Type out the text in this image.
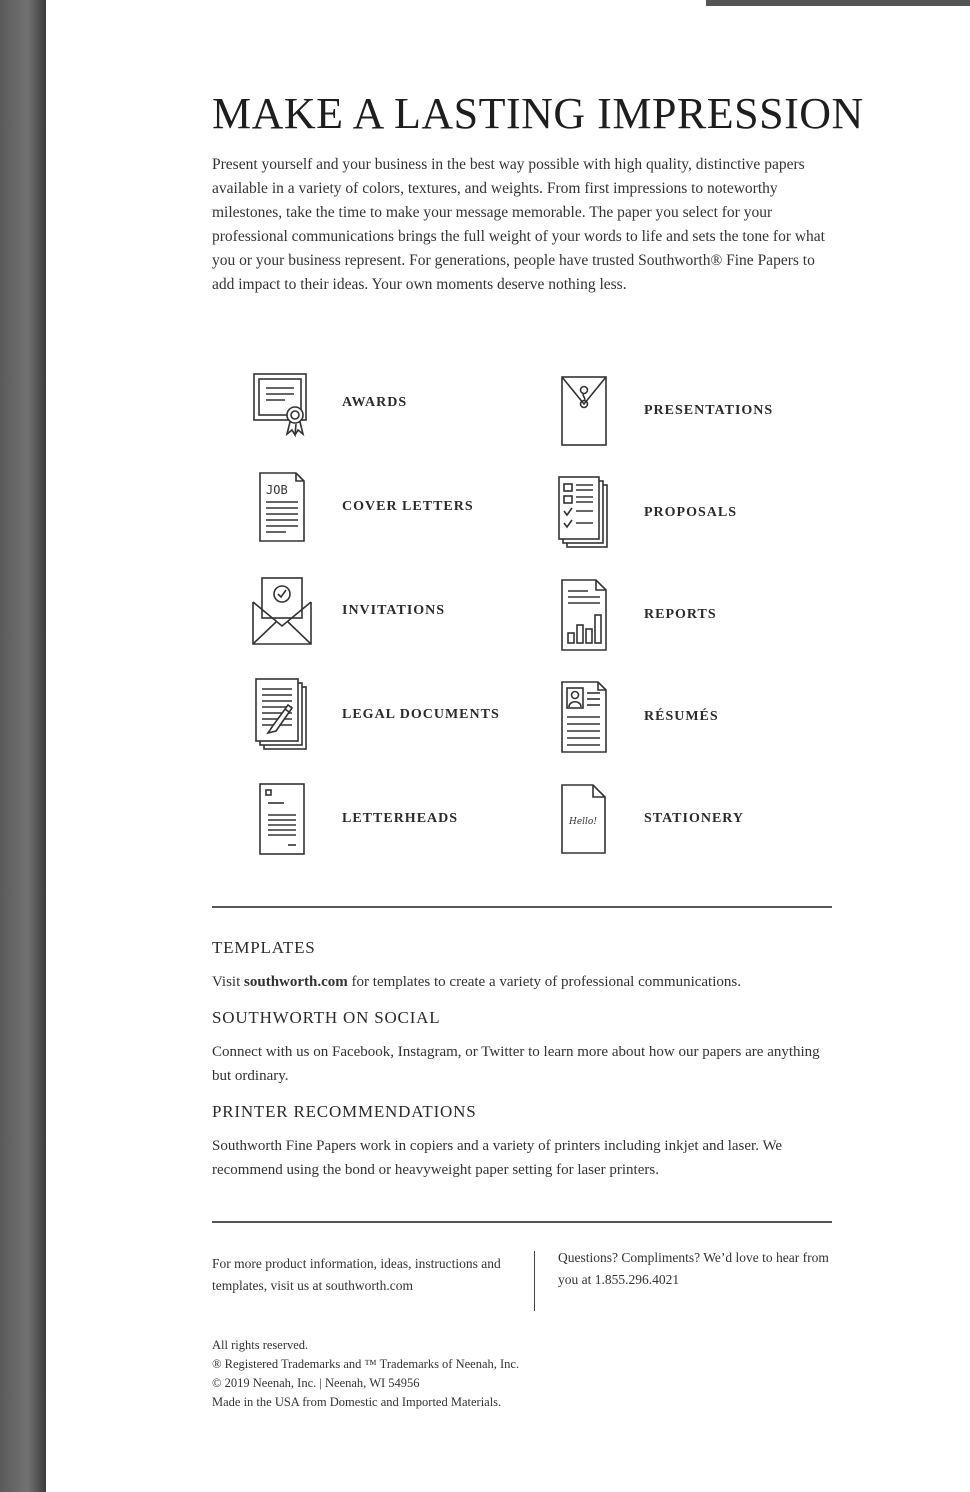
MAKE A LASTING IMPRESSION

Present yourself and your business in the best way possible with high quality, distinctive papers available in a variety of colors, textures, and weights. From first impressions to noteworthy milestones, take the time to make your message memorable. The paper you select for your professional communications brings the full weight of your words to life and sets the tone for what you or your business represent. For generations, people have trusted Southworth® Fine Papers to add impact to their ideas. Your own moments deserve nothing less.

AWARDS
JOB
COVER LETTERS
INVITATIONS
LEGAL DOCUMENTS
LETTERHEADS
PRESENTATIONS
PROPOSALS
REPORTS
RÉSUMÉS
Hello!	STATIONERY
TEMPLATES

Visit southworth.com for templates to create a variety of professional communications.

SOUTHWORTH ON SOCIAL

Connect with us on Facebook, Instagram, or Twitter to learn more about how our papers are anything but ordinary.

PRINTER RECOMMENDATIONS

Southworth Fine Papers work in copiers and a variety of printers including inkjet and laser. We recommend using the bond or heavyweight paper setting for laser printers.

For more product information, ideas, instructions and templates, visit us at southworth.com
Questions? Compliments? We’d love to hear from you at 1.855.296.4021
All rights reserved.
® Registered Trademarks and ™ Trademarks of Neenah, Inc.
© 2019 Neenah, Inc. | Neenah, WI 54956
Made in the USA from Domestic and Imported Materials.
